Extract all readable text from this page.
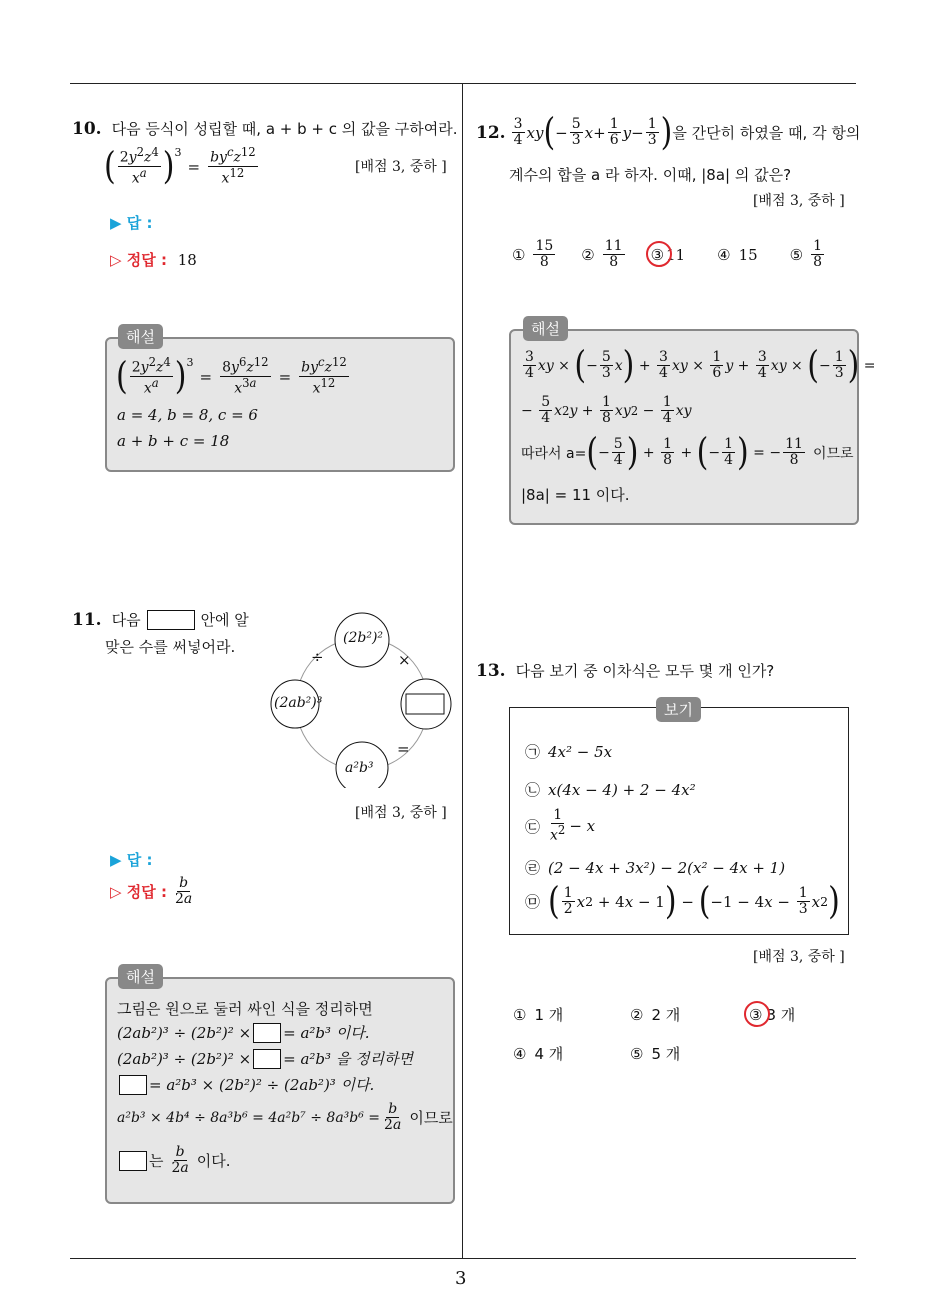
3
10. 다음 등식이 성립할 때, a + b + c 의 값을 구하여라.
( $\frac{2y^2z^4}{x^a} )^3$
= $\frac{by^cz^{12}}{x^{12}}$	[배점 3, 중하 ]
▶ 답 :
▷ 정답 : 18
해설
( $\frac{2y^2z^4}{x^a} )^3$
= $\frac{8y^6z^{12}}{x^{3a}} = \frac{by^cz^{12}}{x^{12}}$
a = 4, b = 8, c = 6
a + b + c = 18
11. 다음	안에 알
맞은 수를 써넣어라.	(2b²)²
(2ab²)³
a²b³
÷	×
=
[배점 3, 중하 ]
▶ 답 :
▷ 정답 : $\frac{b}{2a}$
해설
그림은 원으로 둘러 싸인 식을 정리하면
(2ab²)³ ÷ (2b²)² × = a²b³ 이다.
(2ab²)³ ÷ (2b²)² × = a²b³ 을 정리하면
= a²b³ × (2b²)² ÷ (2ab²)³ 이다.
$a^2b^3 \times 4b^4 \div 8a^3b^6 = 4a^2b^7 \div 8a^3b^6 = \frac{b}{2a}$ 이므로
는 $\frac{b}{2a}$ 이다.
12. $\frac{3}{4}$ xy ( − $\frac{5}{3}$ $x + \frac{1}{6}$ $y - \frac{1}{3}$ ) 을 간단히 하였을 때, 각 항의
계수의 합을 a 라 하자. 이때, |8a| 의 값은?
[배점 3, 중하 ]
① $\frac{15}{8}$ ② $\frac{11}{8}$ ③ 11 ④ 15 ⑤ $\frac{1}{8}$
해설
$\frac{3}{4}$ xy × ( − $\frac{5}{3}$ x ) + $\frac{3}{4}$ xy × $\frac{1}{6}$ $y + \frac{3}{4}$ xy × ( − $\frac{1}{3}$ ) =
− $\frac{5}{4}$ x 2 $y + \frac{1}{8}$ xy $2 - \frac{1}{4}$ xy
따라서 a= ( − $\frac{5}{4}$ ) + $\frac{1}{8}$ + ( − $\frac{1}{4}$ ) = − $\frac{11}{8}$ 이므로
|8a| = 11 이다.
13. 다음 보기 중 이차식은 모두 몇 개 인가?
보기
㉠ 4x² − 5x
㉡ x(4x − 4) + 2 − 4x²
㉢ $\frac{1}{x^2} - x$
㉣ (2 − 4x + 3x²) − 2(x² − 4x + 1)
㉤ ( $\frac{1}{2}$ x 2 + 4 x − 1 ) − ( −1 − 4 $x - \frac{1}{3}$ x 2 )
[배점 3, 중하 ]
① 1 개	② 2 개	③ 3 개
④ 4 개	⑤ 5 개
